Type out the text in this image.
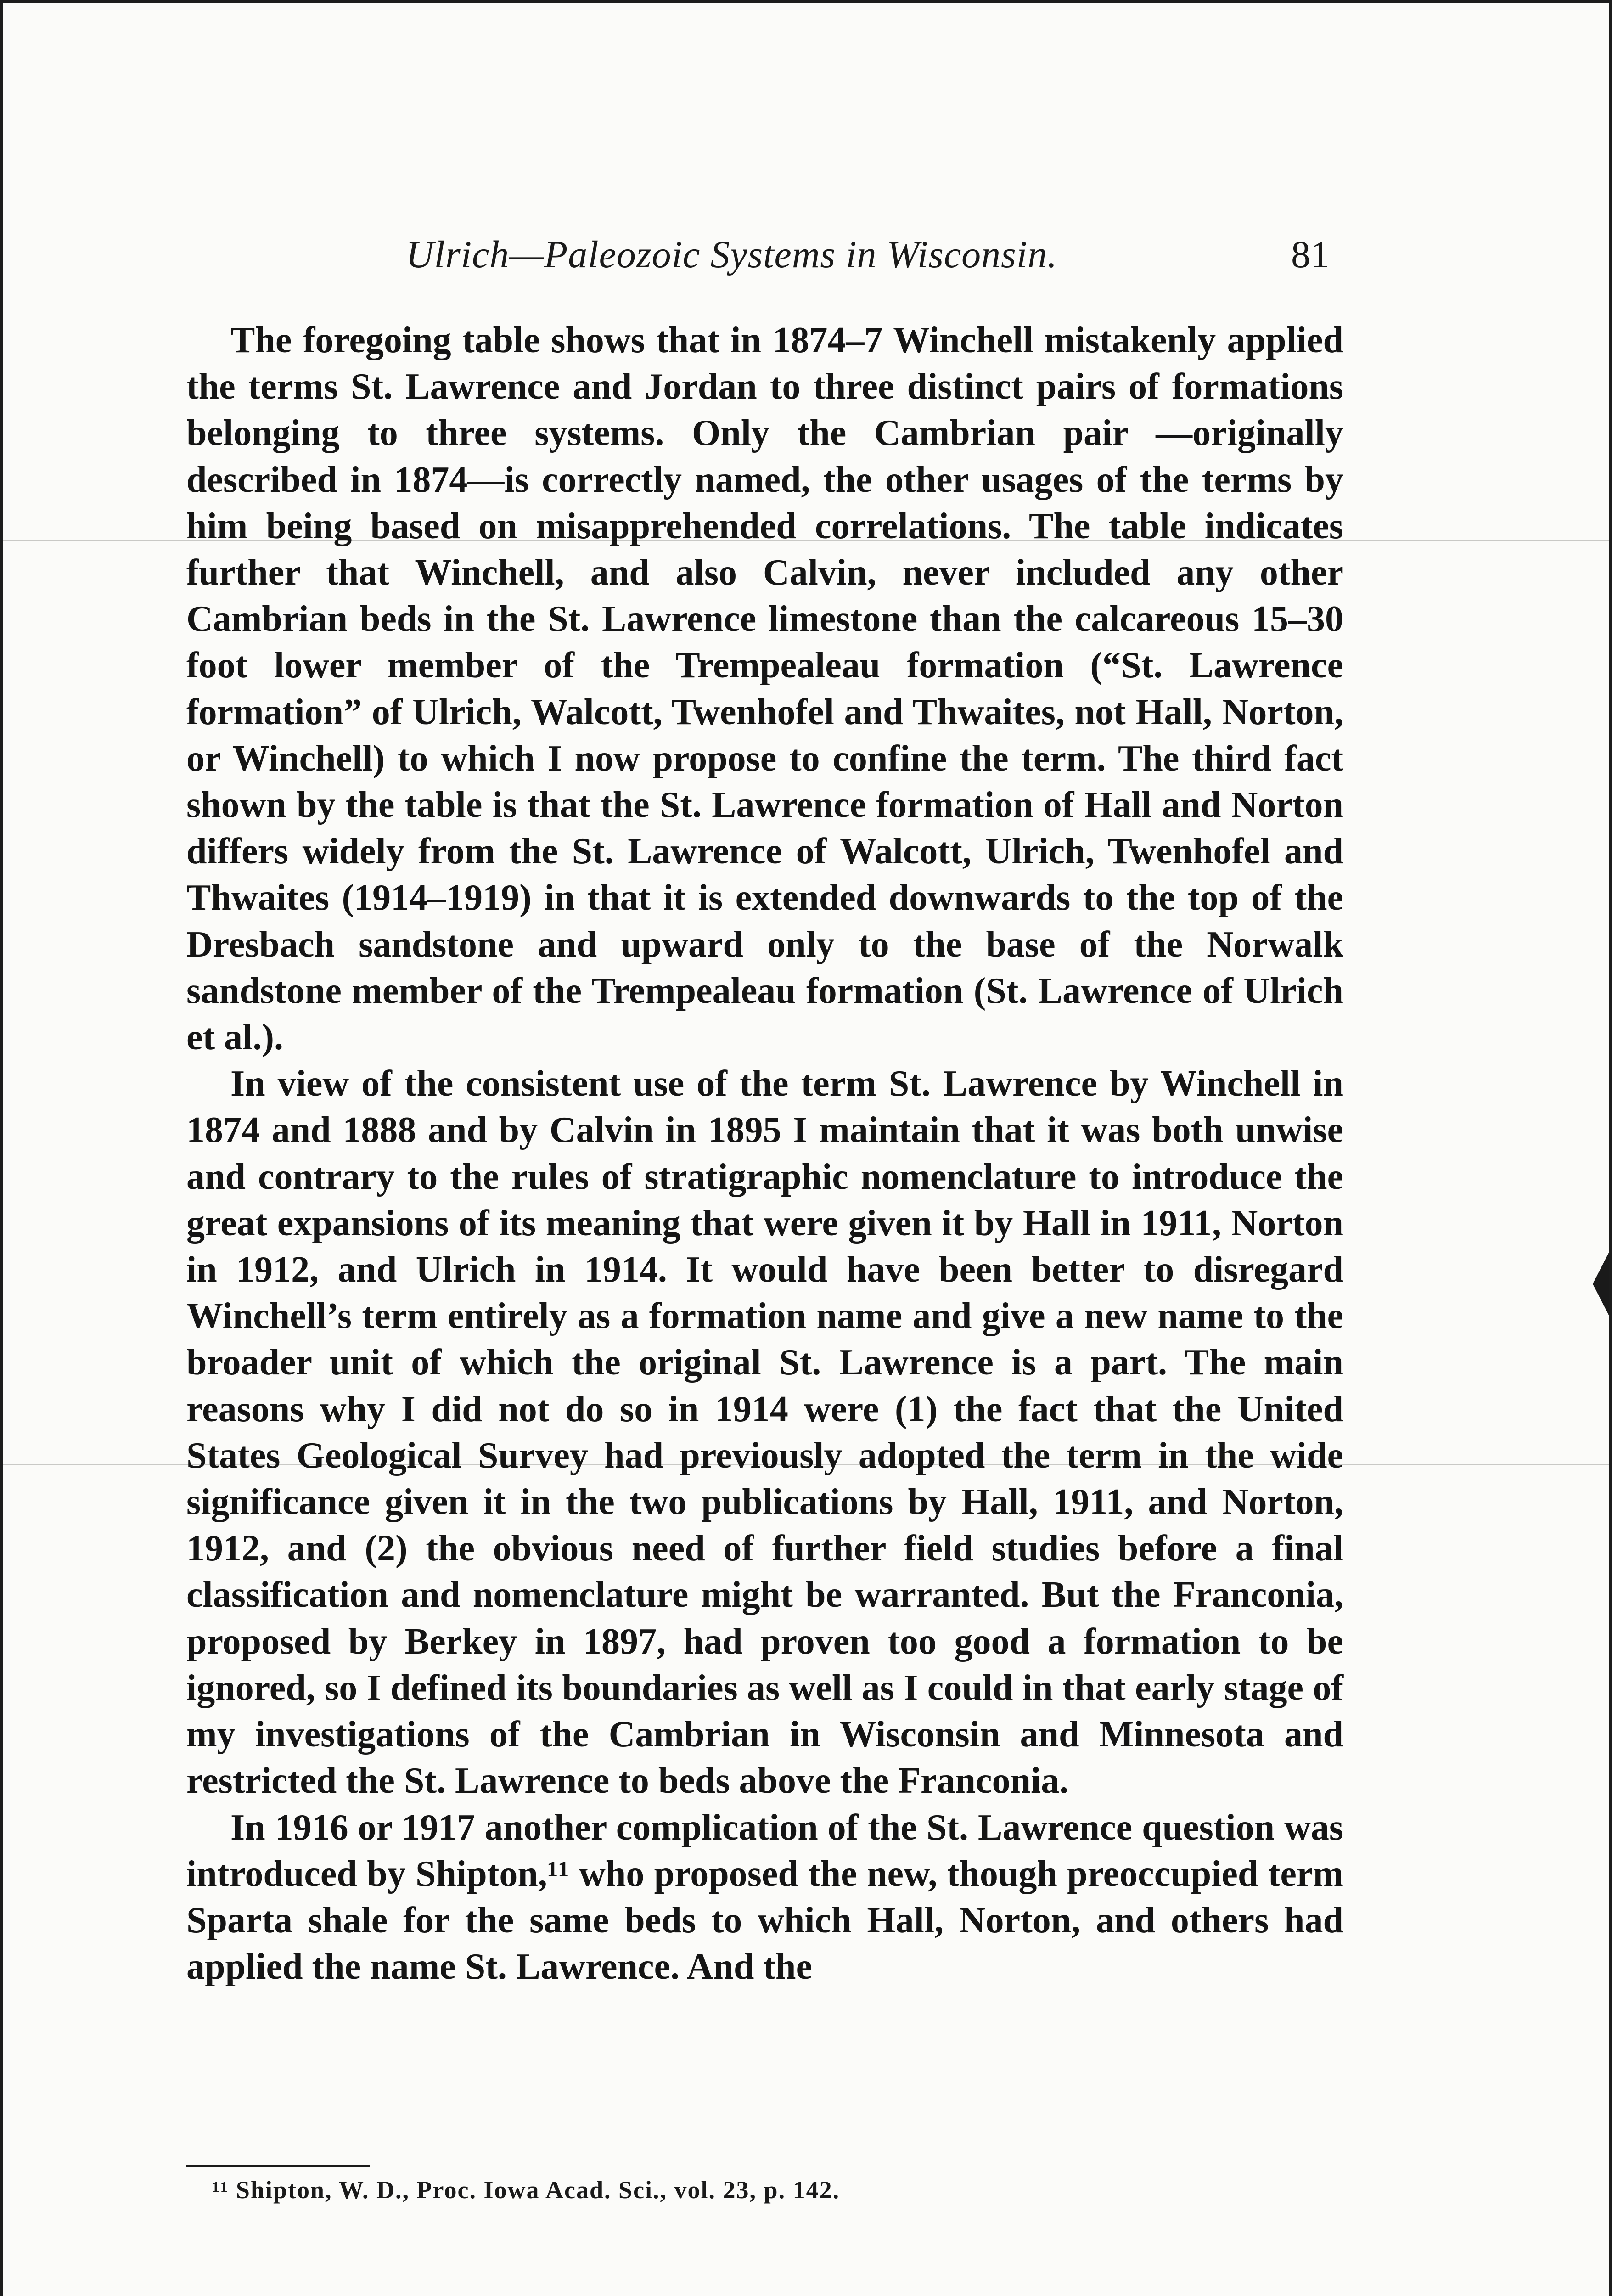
Ulrich—Paleozoic Systems in Wisconsin.	81

The foregoing table shows that in 1874–7 Winchell mistakenly applied the terms St. Lawrence and Jordan to three distinct pairs of formations belonging to three systems. Only the Cambrian pair —originally described in 1874—is correctly named, the other usages of the terms by him being based on misapprehended correlations. The table indicates further that Winchell, and also Calvin, never included any other Cambrian beds in the St. Lawrence limestone than the calcareous 15–30 foot lower member of the Trempealeau formation (“St. Lawrence formation” of Ulrich, Walcott, Twenhofel and Thwaites, not Hall, Norton, or Winchell) to which I now propose to confine the term. The third fact shown by the table is that the St. Lawrence formation of Hall and Norton differs widely from the St. Lawrence of Walcott, Ulrich, Twenhofel and Thwaites (1914–1919) in that it is extended downwards to the top of the Dresbach sandstone and upward only to the base of the Norwalk sandstone member of the Trempealeau formation (St. Lawrence of Ulrich et al.).

In view of the consistent use of the term St. Lawrence by Winchell in 1874 and 1888 and by Calvin in 1895 I maintain that it was both unwise and contrary to the rules of stratigraphic nomenclature to introduce the great expansions of its meaning that were given it by Hall in 1911, Norton in 1912, and Ulrich in 1914. It would have been better to disregard Winchell’s term entirely as a formation name and give a new name to the broader unit of which the original St. Lawrence is a part. The main reasons why I did not do so in 1914 were (1) the fact that the United States Geological Survey had previously adopted the term in the wide significance given it in the two publications by Hall, 1911, and Norton, 1912, and (2) the obvious need of further field studies before a final classification and nomenclature might be warranted. But the Franconia, proposed by Berkey in 1897, had proven too good a formation to be ignored, so I defined its boundaries as well as I could in that early stage of my investigations of the Cambrian in Wisconsin and Minnesota and restricted the St. Lawrence to beds above the Franconia.

In 1916 or 1917 another complication of the St. Lawrence question was introduced by Shipton,¹¹ who proposed the new, though preoccupied term Sparta shale for the same beds to which Hall, Norton, and others had applied the name St. Lawrence. And the

¹¹ Shipton, W. D., Proc. Iowa Acad. Sci., vol. 23, p. 142.
